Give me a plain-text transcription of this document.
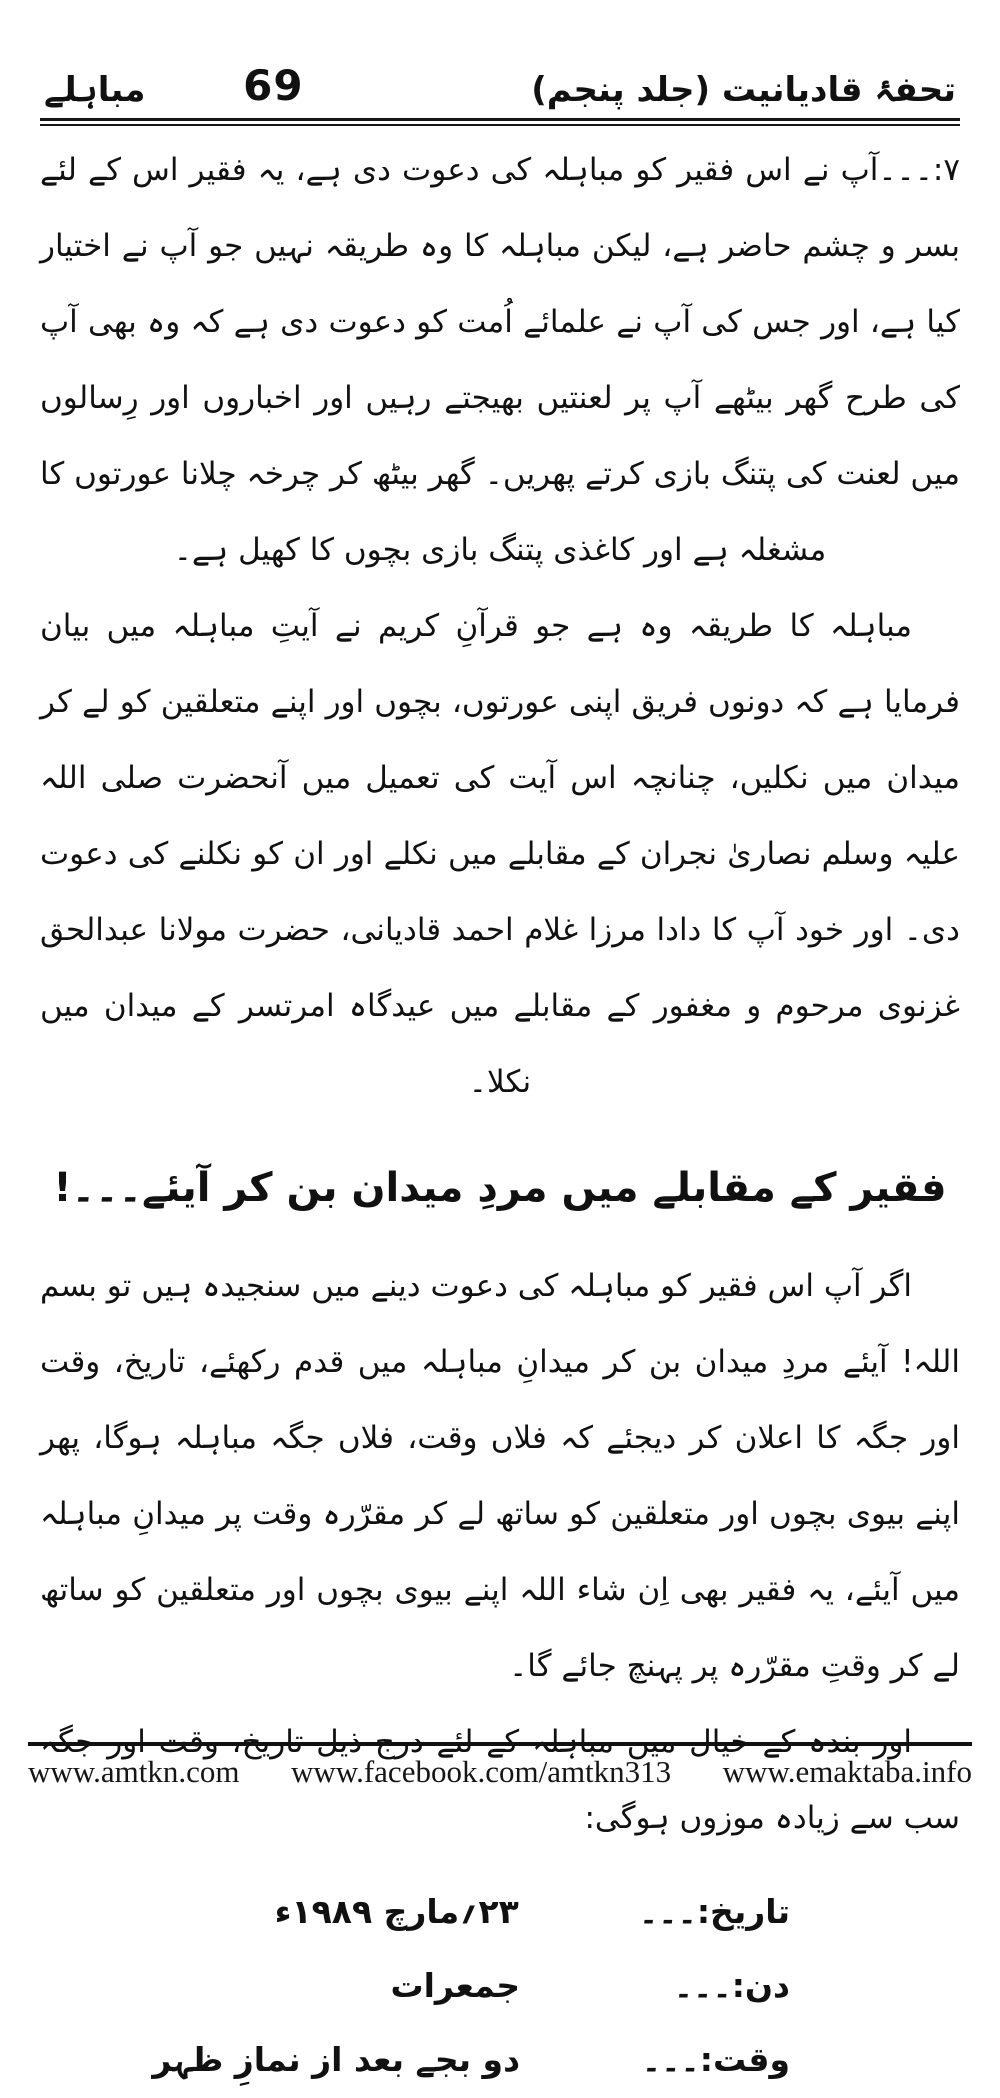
مباہلے 69	تحفۂ قادیانیت (جلد پنجم)

۷:۔۔۔آپ نے اس فقیر کو مباہلہ کی دعوت دی ہے، یہ فقیر اس کے لئے بسر و چشم حاضر ہے، لیکن مباہلہ کا وہ طریقہ نہیں جو آپ نے اختیار کیا ہے، اور جس کی آپ نے علمائے اُمت کو دعوت دی ہے کہ وہ بھی آپ کی طرح گھر بیٹھے آپ پر لعنتیں بھیجتے رہیں اور اخباروں اور رِسالوں میں لعنت کی پتنگ بازی کرتے پھریں۔ گھر بیٹھ کر چرخہ چلانا عورتوں کا مشغلہ ہے اور کاغذی پتنگ بازی بچوں کا کھیل ہے۔

مباہلہ کا طریقہ وہ ہے جو قرآنِ کریم نے آیتِ مباہلہ میں بیان فرمایا ہے کہ دونوں فریق اپنی عورتوں، بچوں اور اپنے متعلقین کو لے کر میدان میں نکلیں، چنانچہ اس آیت کی تعمیل میں آنحضرت صلی اللہ علیہ وسلم نصاریٰ نجران کے مقابلے میں نکلے اور ان کو نکلنے کی دعوت دی۔ اور خود آپ کا دادا مرزا غلام احمد قادیانی، حضرت مولانا عبدالحق غزنوی مرحوم و مغفور کے مقابلے میں عیدگاہ امرتسر کے میدان میں نکلا۔

فقیر کے مقابلے میں مردِ میدان بن کر آیئے۔۔۔!

اگر آپ اس فقیر کو مباہلہ کی دعوت دینے میں سنجیدہ ہیں تو بسم اللہ! آیئے مردِ میدان بن کر میدانِ مباہلہ میں قدم رکھئے، تاریخ، وقت اور جگہ کا اعلان کر دیجئے کہ فلاں وقت، فلاں جگہ مباہلہ ہوگا، پھر اپنے بیوی بچوں اور متعلقین کو ساتھ لے کر مقرّرہ وقت پر میدانِ مباہلہ میں آیئے، یہ فقیر بھی اِن شاء اللہ اپنے بیوی بچوں اور متعلقین کو ساتھ لے کر وقتِ مقرّرہ پر پہنچ جائے گا۔

اور بندہ کے خیال میں مباہلہ کے لئے درج ذیل تاریخ، وقت اور جگہ سب سے زیادہ موزوں ہوگی:

تاریخ:۔۔۔
۲۳؍مارچ ۱۹۸۹ء
دن:۔۔۔
جمعرات
وقت:۔۔۔
دو بجے بعد از نمازِ ظہر
www.amtkn.com www.facebook.com/amtkn313 www.emaktaba.info
